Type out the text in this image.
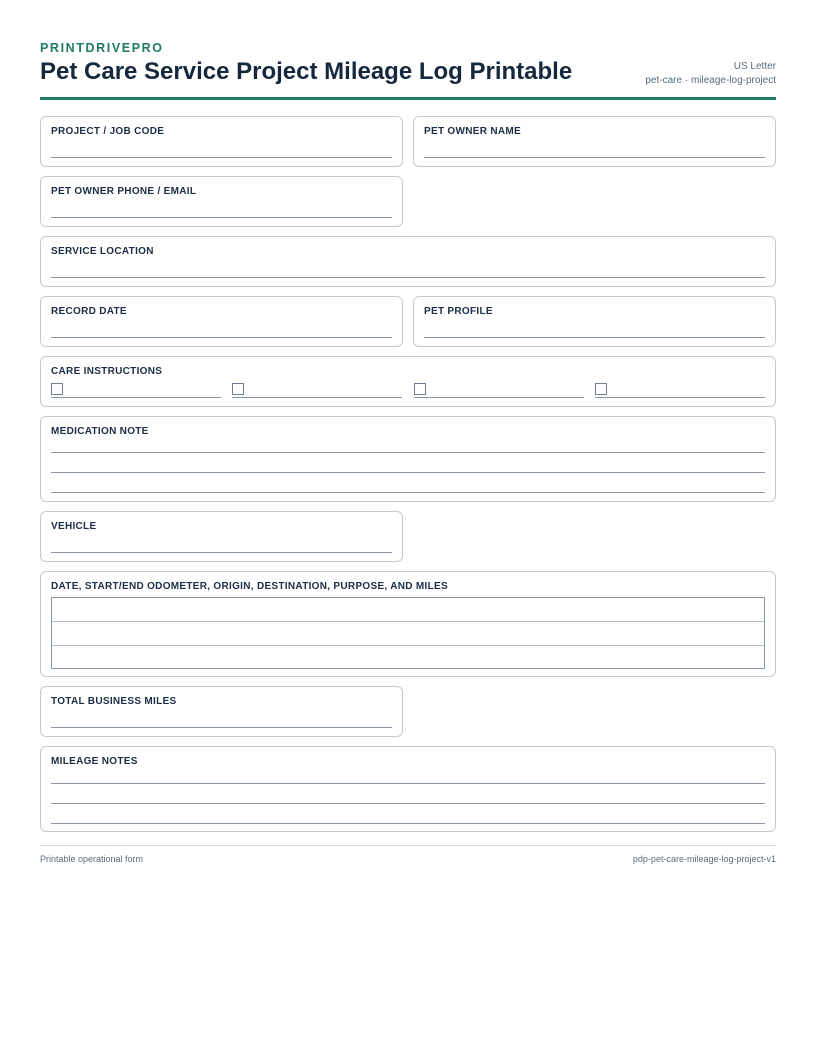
PRINTDRIVEPRO
Pet Care Service Project Mileage Log Printable	US Letter
pet-care · mileage-log-project
PROJECT / JOB CODE	PET OWNER NAME
PET OWNER PHONE / EMAIL
SERVICE LOCATION
RECORD DATE	PET PROFILE
CARE INSTRUCTIONS
MEDICATION NOTE
VEHICLE
DATE, START/END ODOMETER, ORIGIN, DESTINATION, PURPOSE, AND MILES
TOTAL BUSINESS MILES
MILEAGE NOTES
Printable operational form	pdp-pet-care-mileage-log-project-v1
